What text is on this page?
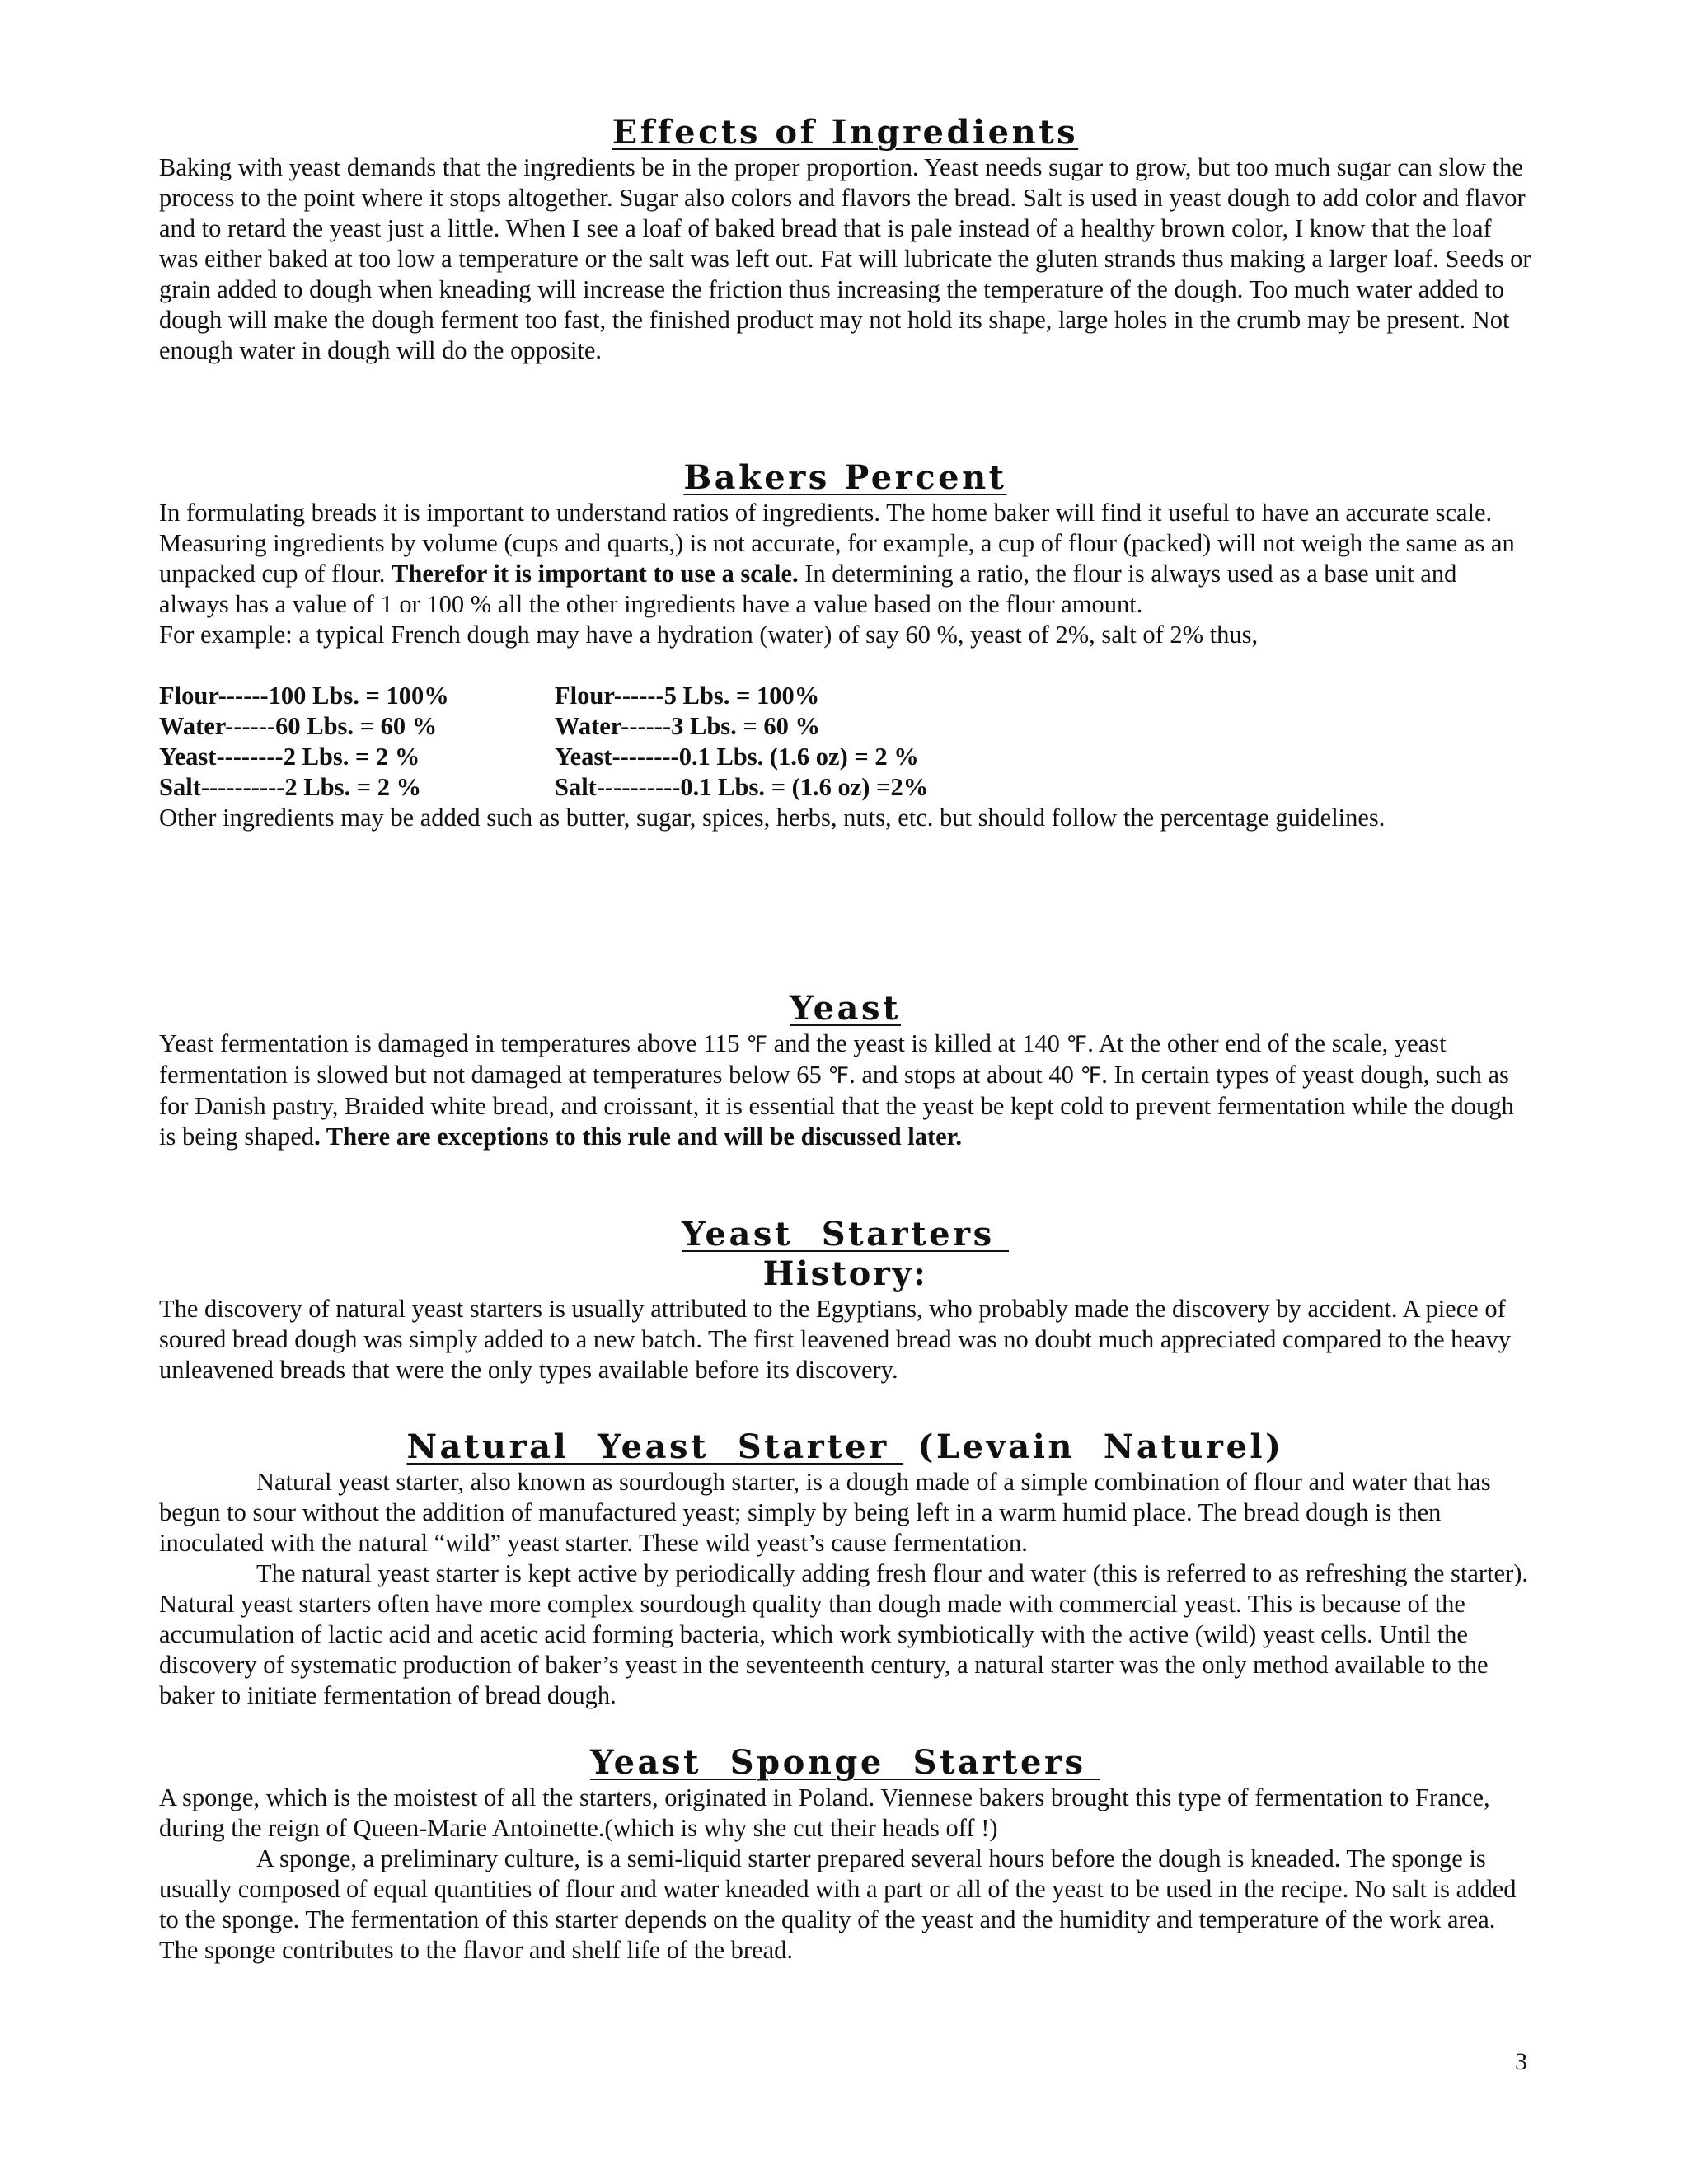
Effects of Ingredients

Baking with yeast demands that the ingredients be in the proper proportion. Yeast needs sugar to grow, but too much sugar can slow the process to the point where it stops altogether. Sugar also colors and flavors the bread. Salt is used in yeast dough to add color and flavor and to retard the yeast just a little. When I see a loaf of baked bread that is pale instead of a healthy brown color, I know that the loaf was either baked at too low a temperature or the salt was left out. Fat will lubricate the gluten strands thus making a larger loaf. Seeds or grain added to dough when kneading will increase the friction thus increasing the temperature of the dough. Too much water added to dough will make the dough ferment too fast, the finished product may not hold its shape, large holes in the crumb may be present. Not enough water in dough will do the opposite.

Bakers Percent

In formulating breads it is important to understand ratios of ingredients. The home baker will find it useful to have an accurate scale. Measuring ingredients by volume (cups and quarts,) is not accurate, for example, a cup of flour (packed) will not weigh the same as an unpacked cup of flour. Therefor it is important to use a scale. In determining a ratio, the flour is always used as a base unit and always has a value of 1 or 100 % all the other ingredients have a value based on the flour amount.

For example: a typical French dough may have a hydration (water) of say 60 %, yeast of 2%, salt of 2% thus,

Flour------100 Lbs. = 100%	Flour------5 Lbs. = 100%
Water------60 Lbs. = 60 %	Water------3 Lbs. = 60 %
Yeast--------2 Lbs. = 2 %	Yeast--------0.1 Lbs. (1.6 oz) = 2 %
Salt----------2 Lbs. = 2 %	Salt----------0.1 Lbs. = (1.6 oz) =2%

Other ingredients may be added such as butter, sugar, spices, herbs, nuts, etc. but should follow the percentage guidelines.

Yeast

Yeast fermentation is damaged in temperatures above 115 ℉ and the yeast is killed at 140 ℉. At the other end of the scale, yeast fermentation is slowed but not damaged at temperatures below 65 ℉. and stops at about 40 ℉. In certain types of yeast dough, such as for Danish pastry, Braided white bread, and croissant, it is essential that the yeast be kept cold to prevent fermentation while the dough is being shaped. There are exceptions to this rule and will be discussed later.

Yeast  Starters
History:

The discovery of natural yeast starters is usually attributed to the Egyptians, who probably made the discovery by accident. A piece of soured bread dough was simply added to a new batch. The first leavened bread was no doubt much appreciated compared to the heavy unleavened breads that were the only types available before its discovery.

Natural  Yeast  Starter  (Levain  Naturel)

Natural yeast starter, also known as sourdough starter, is a dough made of a simple combination of flour and water that has begun to sour without the addition of manufactured yeast; simply by being left in a warm humid place. The bread dough is then inoculated with the natural “wild” yeast starter. These wild yeast’s cause fermentation.

The natural yeast starter is kept active by periodically adding fresh flour and water (this is referred to as refreshing the starter). Natural yeast starters often have more complex sourdough quality than dough made with commercial yeast. This is because of the accumulation of lactic acid and acetic acid forming bacteria, which work symbiotically with the active (wild) yeast cells. Until the discovery of systematic production of baker’s yeast in the seventeenth century, a natural starter was the only method available to the baker to initiate fermentation of bread dough.

Yeast  Sponge  Starters

A sponge, which is the moistest of all the starters, originated in Poland. Viennese bakers brought this type of fermentation to France, during the reign of Queen-Marie Antoinette.(which is why she cut their heads off !)

A sponge, a preliminary culture, is a semi-liquid starter prepared several hours before the dough is kneaded. The sponge is usually composed of equal quantities of flour and water kneaded with a part or all of the yeast to be used in the recipe. No salt is added to the sponge. The fermentation of this starter depends on the quality of the yeast and the humidity and temperature of the work area. The sponge contributes to the flavor and shelf life of the bread.

3
